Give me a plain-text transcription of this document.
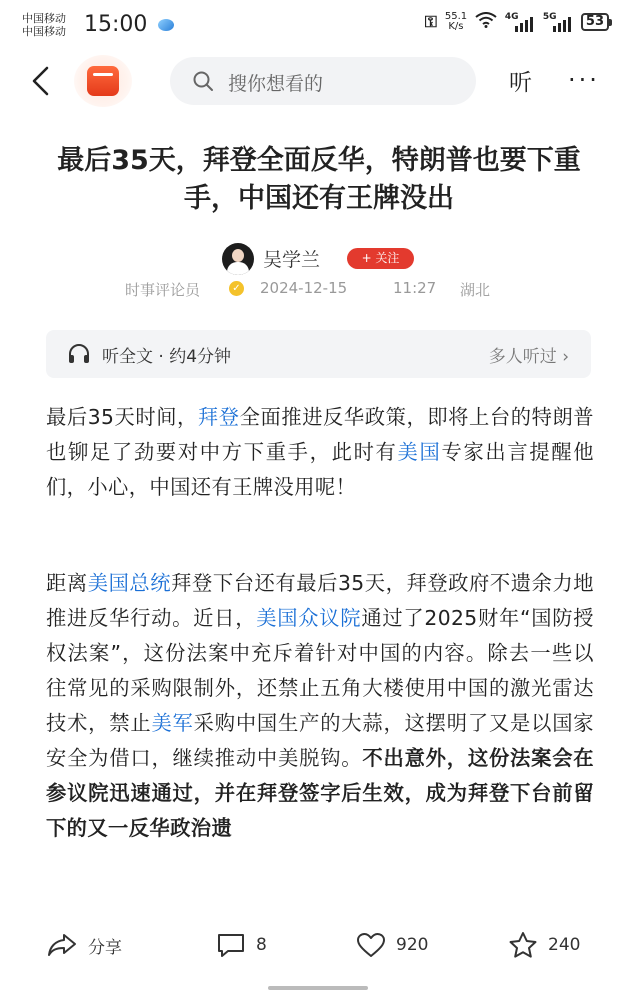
中国移动
中国移动 15:00	⚿ 55.1
K/s
4G	5G	53
搜你想看的	听 ···
最后35天，拜登全面反华，特朗普也要下重手，中国还有王牌没出
吴学兰	+ 关注
时事评论员	✓ 2024-12-15	11:27 湖北
听全文 · 约4分钟	多人听过 ›

最后35天时间，拜登全面推进反华政策，即将上台的特朗普也铆足了劲要对中方下重手，此时有美国专家出言提醒他们，小心，中国还有王牌没用呢！

距离美国总统拜登下台还有最后35天，拜登政府不遗余力地推进反华行动。近日，美国众议院通过了2025财年“国防授权法案”，这份法案中充斥着针对中国的内容。除去一些以往常见的采购限制外，还禁止五角大楼使用中国的激光雷达技术，禁止美军采购中国生产的大蒜，这摆明了又是以国家安全为借口，继续推动中美脱钩。不出意外，这份法案会在参议院迅速通过，并在拜登签字后生效，成为拜登下台前留下的又一反华政治遗

分享	8	920	240
